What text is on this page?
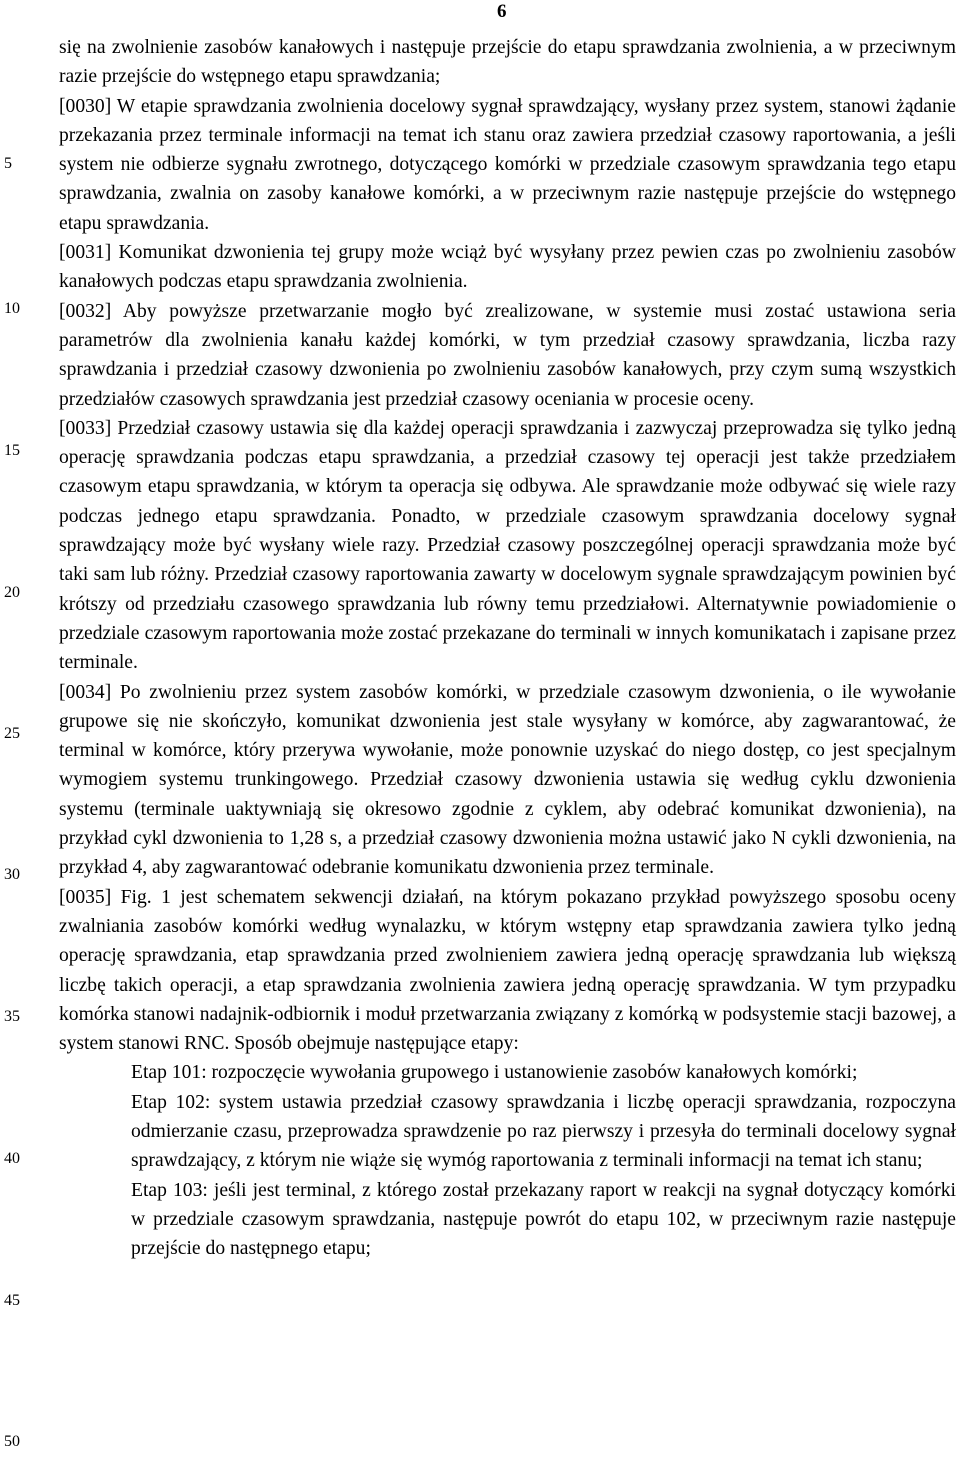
6
5
10
15
20
25
30
35
40
45
50

się na zwolnienie zasobów kanałowych i następuje przejście do etapu sprawdzania zwolnienia, a w przeciwnym razie przejście do wstępnego etapu sprawdzania;

[0030] W etapie sprawdzania zwolnienia docelowy sygnał sprawdzający, wysłany przez system, stanowi żądanie przekazania przez terminale informacji na temat ich stanu oraz zawiera przedział czasowy raportowania, a jeśli system nie odbierze sygnału zwrotnego, dotyczącego komórki w przedziale czasowym sprawdzania tego etapu sprawdzania, zwalnia on zasoby kanałowe komórki, a w przeciwnym razie następuje przejście do wstępnego etapu sprawdzania.

[0031] Komunikat dzwonienia tej grupy może wciąż być wysyłany przez pewien czas po zwolnieniu zasobów kanałowych podczas etapu sprawdzania zwolnienia.

[0032] Aby powyższe przetwarzanie mogło być zrealizowane, w systemie musi zostać ustawiona seria parametrów dla zwolnienia kanału każdej komórki, w tym przedział czasowy sprawdzania, liczba razy sprawdzania i przedział czasowy dzwonienia po zwolnieniu zasobów kanałowych, przy czym sumą wszystkich przedziałów czasowych sprawdzania jest przedział czasowy oceniania w procesie oceny.

[0033] Przedział czasowy ustawia się dla każdej operacji sprawdzania i zazwyczaj przeprowadza się tylko jedną operację sprawdzania podczas etapu sprawdzania, a przedział czasowy tej operacji jest także przedziałem czasowym etapu sprawdzania, w którym ta operacja się odbywa. Ale sprawdzanie może odbywać się wiele razy podczas jednego etapu sprawdzania. Ponadto, w przedziale czasowym sprawdzania docelowy sygnał sprawdzający może być wysłany wiele razy. Przedział czasowy poszczególnej operacji sprawdzania może być taki sam lub różny. Przedział czasowy raportowania zawarty w docelowym sygnale sprawdzającym powinien być krótszy od przedziału czasowego sprawdzania lub równy temu przedziałowi. Alternatywnie powiadomienie o przedziale czasowym raportowania może zostać przekazane do terminali w innych komunikatach i zapisane przez terminale.

[0034] Po zwolnieniu przez system zasobów komórki, w przedziale czasowym dzwonienia, o ile wywołanie grupowe się nie skończyło, komunikat dzwonienia jest stale wysyłany w komórce, aby zagwarantować, że terminal w komórce, który przerywa wywołanie, może ponownie uzyskać do niego dostęp, co jest specjalnym wymogiem systemu trunkingowego. Przedział czasowy dzwonienia ustawia się według cyklu dzwonienia systemu (terminale uaktywniają się okresowo zgodnie z cyklem, aby odebrać komunikat dzwonienia), na przykład cykl dzwonienia to 1,28 s, a przedział czasowy dzwonienia można ustawić jako N cykli dzwonienia, na przykład 4, aby zagwarantować odebranie komunikatu dzwonienia przez terminale.

[0035] Fig. 1 jest schematem sekwencji działań, na którym pokazano przykład powyższego sposobu oceny zwalniania zasobów komórki według wynalazku, w którym wstępny etap sprawdzania zawiera tylko jedną operację sprawdzania, etap sprawdzania przed zwolnieniem zawiera jedną operację sprawdzania lub większą liczbę takich operacji, a etap sprawdzania zwolnienia zawiera jedną operację sprawdzania. W tym przypadku komórka stanowi nadajnik-odbiornik i moduł przetwarzania związany z komórką w podsystemie stacji bazowej, a system stanowi RNC. Sposób obejmuje następujące etapy:

Etap 101: rozpoczęcie wywołania grupowego i ustanowienie zasobów kanałowych komórki;

Etap 102: system ustawia przedział czasowy sprawdzania i liczbę operacji sprawdzania, rozpoczyna odmierzanie czasu, przeprowadza sprawdzenie po raz pierwszy i przesyła do terminali docelowy sygnał sprawdzający, z którym nie wiąże się wymóg raportowania z terminali informacji na temat ich stanu;

Etap 103: jeśli jest terminal, z którego został przekazany raport w reakcji na sygnał dotyczący komórki w przedziale czasowym sprawdzania, następuje powrót do etapu 102, w przeciwnym razie następuje przejście do następnego etapu;
